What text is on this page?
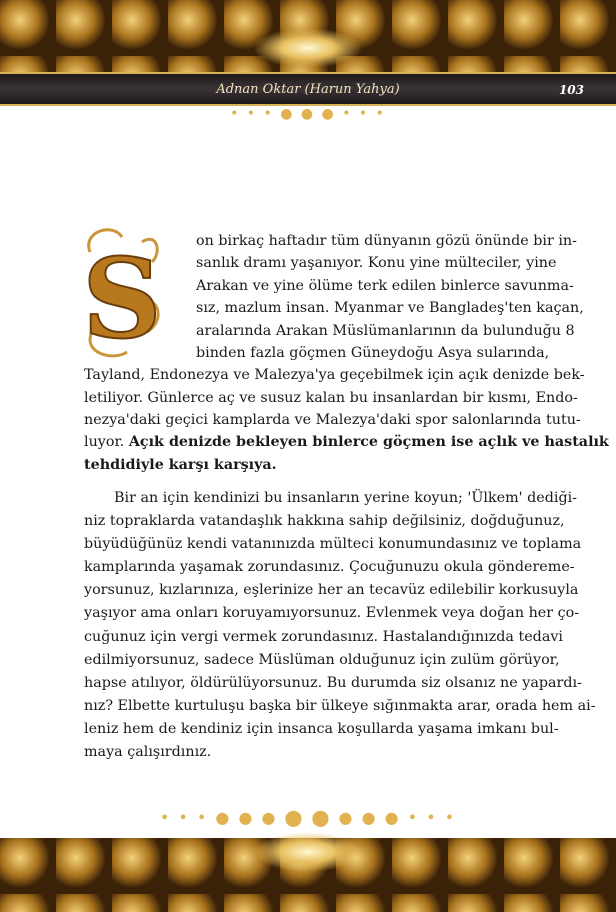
Adnan Oktar (Harun Yahya)	103
• • • ● ● ● • • •
S on birkaç haftadır tüm dünyanın gözü önünde bir in-
sanlık dramı yaşanıyor. Konu yine mülteciler, yine
Arakan ve yine ölüme terk edilen binlerce savunma-
sız, mazlum insan. Myanmar ve Bangladeş'ten kaçan,
aralarında Arakan Müslümanlarının da bulunduğu 8
binden fazla göçmen Güneydoğu Asya sularında,
Tayland, Endonezya ve Malezya'ya geçebilmek için açık denizde bek-
letiliyor. Günlerce aç ve susuz kalan bu insanlardan bir kısmı, Endo-
nezya'daki geçici kamplarda ve Malezya'daki spor salonlarında tutu-
luyor. Açık denizde bekleyen binlerce göçmen ise açlık ve hastalık
tehdidiyle karşı karşıya.
Bir an için kendinizi bu insanların yerine koyun; 'Ülkem' dediği-
niz topraklarda vatandaşlık hakkına sahip değilsiniz, doğduğunuz,
büyüdüğünüz kendi vatanınızda mülteci konumundasınız ve toplama
kamplarında yaşamak zorundasınız. Çocuğunuzu okula göndereme-
yorsunuz, kızlarınıza, eşlerinize her an tecavüz edilebilir korkusuyla
yaşıyor ama onları koruyamıyorsunuz. Evlenmek veya doğan her ço-
cuğunuz için vergi vermek zorundasınız. Hastalandığınızda tedavi
edilmiyorsunuz, sadece Müslüman olduğunuz için zulüm görüyor,
hapse atılıyor, öldürülüyorsunuz. Bu durumda siz olsanız ne yapardı-
nız? Elbette kurtuluşu başka bir ülkeye sığınmakta arar, orada hem ai-
leniz hem de kendiniz için insanca koşullarda yaşama imkanı bul-
maya çalışırdınız.
• • • ● ● ● ⬤ ⬤ ● ● ● • • •
